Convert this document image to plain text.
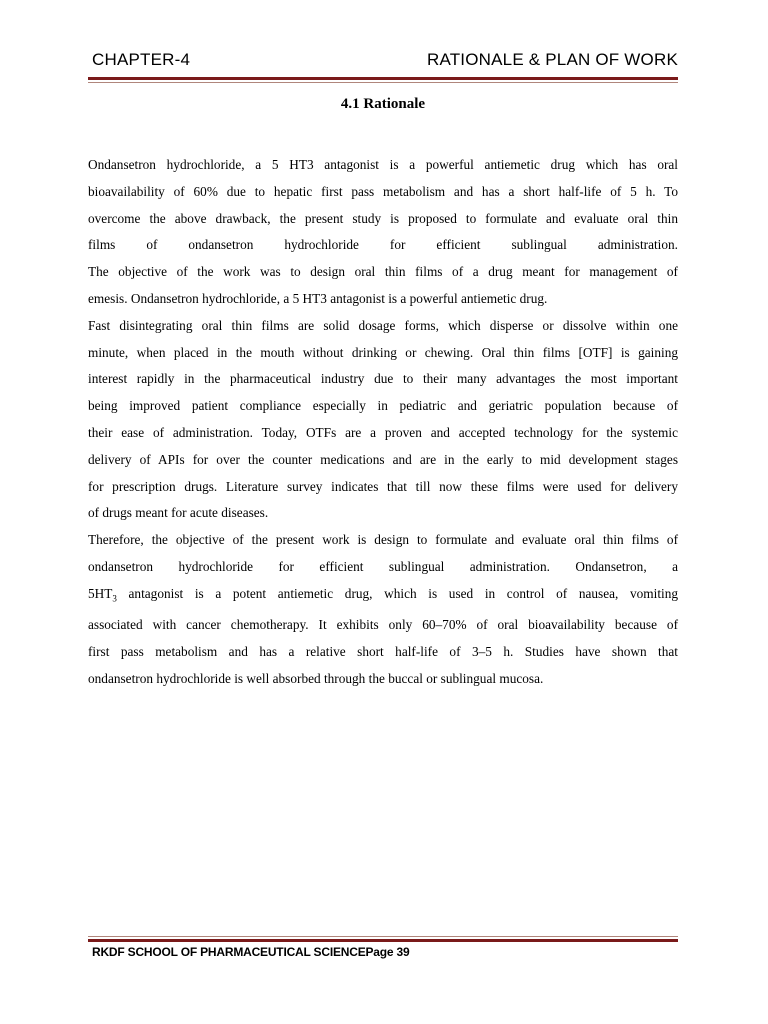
CHAPTER-4	RATIONALE & PLAN OF WORK
4.1 Rationale

Ondansetron hydrochloride, a 5 HT3 antagonist is a powerful antiemetic drug which has oral
bioavailability of 60% due to hepatic first pass metabolism and has a short half-life of 5 h. To
overcome the above drawback, the present study is proposed to formulate and evaluate oral thin
films of ondansetron hydrochloride for efficient sublingual administration.
The objective of the work was to design oral thin films of a drug meant for management of
emesis. Ondansetron hydrochloride, a 5 HT3 antagonist is a powerful antiemetic drug.

Fast disintegrating oral thin films are solid dosage forms, which disperse or dissolve within one
minute, when placed in the mouth without drinking or chewing. Oral thin films [OTF] is gaining
interest rapidly in the pharmaceutical industry due to their many advantages the most important
being improved patient compliance especially in pediatric and geriatric population because of
their ease of administration. Today, OTFs are a proven and accepted technology for the systemic
delivery of APIs for over the counter medications and are in the early to mid development stages
for prescription drugs. Literature survey indicates that till now these films were used for delivery
of drugs meant for acute diseases.

Therefore, the objective of the present work is design to formulate and evaluate oral thin films of
ondansetron hydrochloride for efficient sublingual administration. Ondansetron, a
$5HT_3$ antagonist is a potent antiemetic drug, which is used in control of nausea, vomiting
associated with cancer chemotherapy. It exhibits only 60–70% of oral bioavailability because of
first pass metabolism and has a relative short half-life of 3–5 h. Studies have shown that
ondansetron hydrochloride is well absorbed through the buccal or sublingual mucosa.

RKDF SCHOOL OF PHARMACEUTICAL SCIENCEPage 39
